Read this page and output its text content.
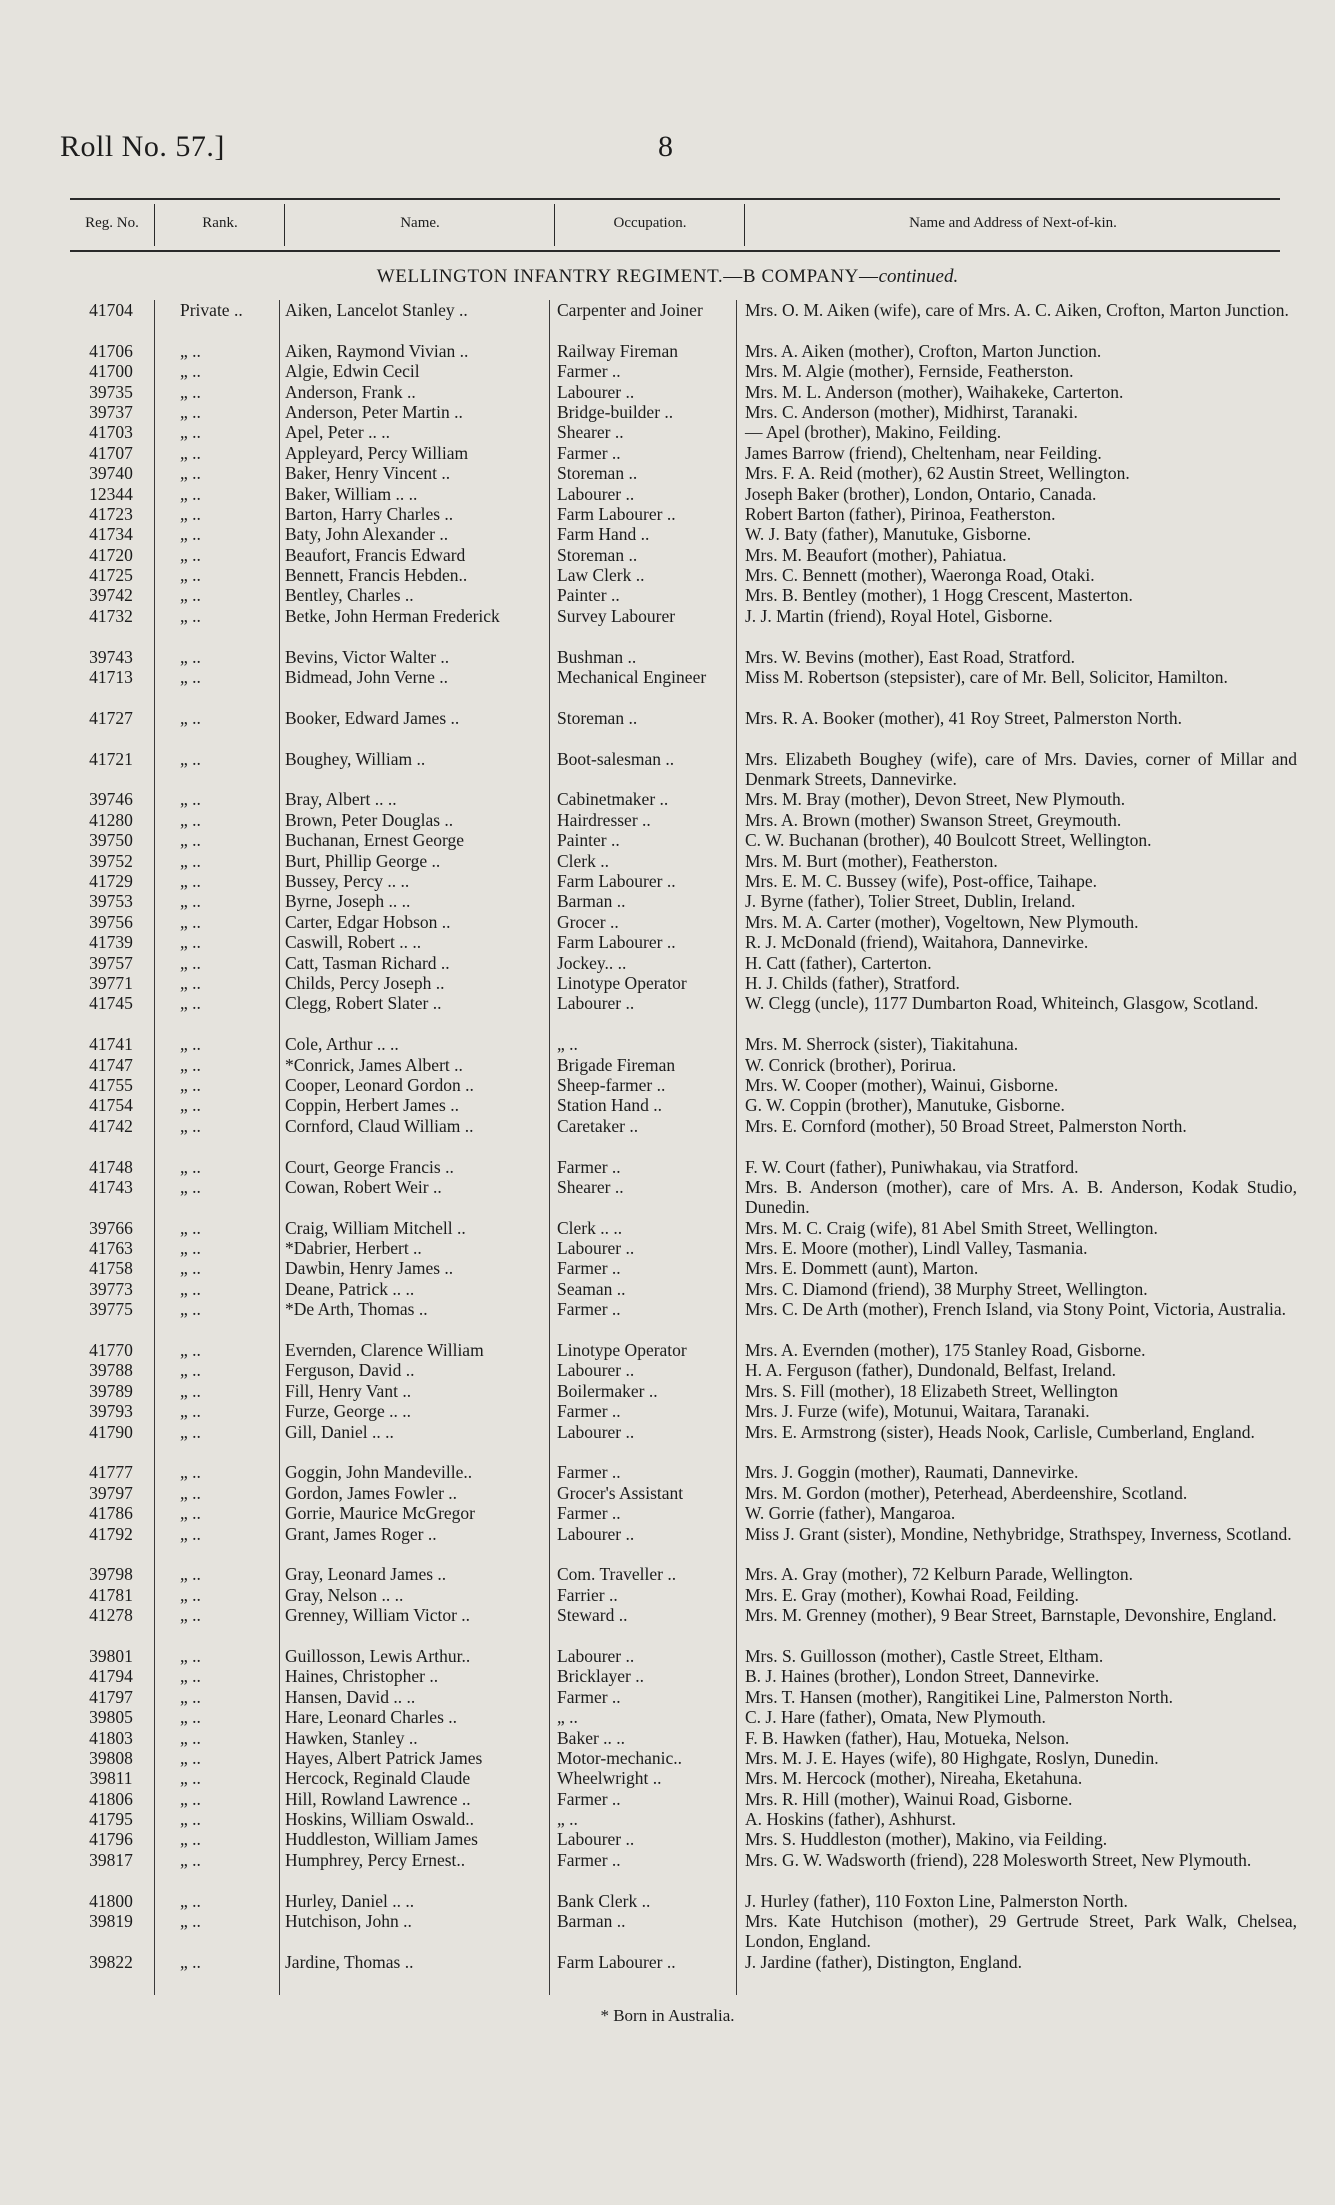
Roll No. 57.]	8
Reg. No.	Rank.	Name.	Occupation.	Name and Address of Next-of-kin.
WELLINGTON INFANTRY REGIMENT.—B COMPANY—continued.
41704	Private ..	Aiken, Lancelot Stanley ..	Carpenter and Joiner	Mrs. O. M. Aiken (wife), care of Mrs. A. C. Aiken, Crofton, Marton Junction.
41706	„ ..	Aiken, Raymond Vivian ..	Railway Fireman	Mrs. A. Aiken (mother), Crofton, Marton Junction.
41700	„ ..	Algie, Edwin Cecil	Farmer ..	Mrs. M. Algie (mother), Fernside, Featherston.
39735	„ ..	Anderson, Frank ..	Labourer ..	Mrs. M. L. Anderson (mother), Waihakeke, Carterton.
39737	„ ..	Anderson, Peter Martin ..	Bridge-builder ..	Mrs. C. Anderson (mother), Midhirst, Taranaki.
41703	„ ..	Apel, Peter .. ..	Shearer ..	— Apel (brother), Makino, Feilding.
41707	„ ..	Appleyard, Percy William	Farmer ..	James Barrow (friend), Cheltenham, near Feilding.
39740	„ ..	Baker, Henry Vincent ..	Storeman ..	Mrs. F. A. Reid (mother), 62 Austin Street, Wellington.
12344	„ ..	Baker, William .. ..	Labourer ..	Joseph Baker (brother), London, Ontario, Canada.
41723	„ ..	Barton, Harry Charles ..	Farm Labourer ..	Robert Barton (father), Pirinoa, Featherston.
41734	„ ..	Baty, John Alexander ..	Farm Hand ..	W. J. Baty (father), Manutuke, Gisborne.
41720	„ ..	Beaufort, Francis Edward	Storeman ..	Mrs. M. Beaufort (mother), Pahiatua.
41725	„ ..	Bennett, Francis Hebden..	Law Clerk ..	Mrs. C. Bennett (mother), Waeronga Road, Otaki.
39742	„ ..	Bentley, Charles ..	Painter ..	Mrs. B. Bentley (mother), 1 Hogg Crescent, Masterton.
41732	„ ..	Betke, John Herman Frederick	Survey Labourer	J. J. Martin (friend), Royal Hotel, Gisborne.
39743	„ ..	Bevins, Victor Walter ..	Bushman ..	Mrs. W. Bevins (mother), East Road, Stratford.
41713	„ ..	Bidmead, John Verne ..	Mechanical Engineer	Miss M. Robertson (stepsister), care of Mr. Bell, Solicitor, Hamilton.
41727	„ ..	Booker, Edward James ..	Storeman ..	Mrs. R. A. Booker (mother), 41 Roy Street, Palmerston North.
41721	„ ..	Boughey, William ..	Boot-salesman ..	Mrs. Elizabeth Boughey (wife), care of Mrs. Davies, corner of Millar and Denmark Streets, Dannevirke.
39746	„ ..	Bray, Albert .. ..	Cabinetmaker ..	Mrs. M. Bray (mother), Devon Street, New Plymouth.
41280	„ ..	Brown, Peter Douglas ..	Hairdresser ..	Mrs. A. Brown (mother) Swanson Street, Greymouth.
39750	„ ..	Buchanan, Ernest George	Painter ..	C. W. Buchanan (brother), 40 Boulcott Street, Wellington.
39752	„ ..	Burt, Phillip George ..	Clerk ..	Mrs. M. Burt (mother), Featherston.
41729	„ ..	Bussey, Percy .. ..	Farm Labourer ..	Mrs. E. M. C. Bussey (wife), Post-office, Taihape.
39753	„ ..	Byrne, Joseph .. ..	Barman ..	J. Byrne (father), Tolier Street, Dublin, Ireland.
39756	„ ..	Carter, Edgar Hobson ..	Grocer ..	Mrs. M. A. Carter (mother), Vogeltown, New Plymouth.
41739	„ ..	Caswill, Robert .. ..	Farm Labourer ..	R. J. McDonald (friend), Waitahora, Dannevirke.
39757	„ ..	Catt, Tasman Richard ..	Jockey.. ..	H. Catt (father), Carterton.
39771	„ ..	Childs, Percy Joseph ..	Linotype Operator	H. J. Childs (father), Stratford.
41745	„ ..	Clegg, Robert Slater ..	Labourer ..	W. Clegg (uncle), 1177 Dumbarton Road, Whiteinch, Glasgow, Scotland.
41741	„ ..	Cole, Arthur .. ..	„ ..	Mrs. M. Sherrock (sister), Tiakitahuna.
41747	„ ..	*Conrick, James Albert ..	Brigade Fireman	W. Conrick (brother), Porirua.
41755	„ ..	Cooper, Leonard Gordon ..	Sheep-farmer ..	Mrs. W. Cooper (mother), Wainui, Gisborne.
41754	„ ..	Coppin, Herbert James ..	Station Hand ..	G. W. Coppin (brother), Manutuke, Gisborne.
41742	„ ..	Cornford, Claud William ..	Caretaker ..	Mrs. E. Cornford (mother), 50 Broad Street, Palmerston North.
41748	„ ..	Court, George Francis ..	Farmer ..	F. W. Court (father), Puniwhakau, via Stratford.
41743	„ ..	Cowan, Robert Weir ..	Shearer ..	Mrs. B. Anderson (mother), care of Mrs. A. B. Anderson, Kodak Studio, Dunedin.
39766	„ ..	Craig, William Mitchell ..	Clerk .. ..	Mrs. M. C. Craig (wife), 81 Abel Smith Street, Wellington.
41763	„ ..	*Dabrier, Herbert ..	Labourer ..	Mrs. E. Moore (mother), Lindl Valley, Tasmania.
41758	„ ..	Dawbin, Henry James ..	Farmer ..	Mrs. E. Dommett (aunt), Marton.
39773	„ ..	Deane, Patrick .. ..	Seaman ..	Mrs. C. Diamond (friend), 38 Murphy Street, Wellington.
39775	„ ..	*De Arth, Thomas ..	Farmer ..	Mrs. C. De Arth (mother), French Island, via Stony Point, Victoria, Australia.
41770	„ ..	Evernden, Clarence William	Linotype Operator	Mrs. A. Evernden (mother), 175 Stanley Road, Gisborne.
39788	„ ..	Ferguson, David ..	Labourer ..	H. A. Ferguson (father), Dundonald, Belfast, Ireland.
39789	„ ..	Fill, Henry Vant ..	Boilermaker ..	Mrs. S. Fill (mother), 18 Elizabeth Street, Wellington
39793	„ ..	Furze, George .. ..	Farmer ..	Mrs. J. Furze (wife), Motunui, Waitara, Taranaki.
41790	„ ..	Gill, Daniel .. ..	Labourer ..	Mrs. E. Armstrong (sister), Heads Nook, Carlisle, Cumberland, England.
41777	„ ..	Goggin, John Mandeville..	Farmer ..	Mrs. J. Goggin (mother), Raumati, Dannevirke.
39797	„ ..	Gordon, James Fowler ..	Grocer's Assistant	Mrs. M. Gordon (mother), Peterhead, Aberdeenshire, Scotland.
41786	„ ..	Gorrie, Maurice McGregor	Farmer ..	W. Gorrie (father), Mangaroa.
41792	„ ..	Grant, James Roger ..	Labourer ..	Miss J. Grant (sister), Mondine, Nethybridge, Strathspey, Inverness, Scotland.
39798	„ ..	Gray, Leonard James ..	Com. Traveller ..	Mrs. A. Gray (mother), 72 Kelburn Parade, Wellington.
41781	„ ..	Gray, Nelson .. ..	Farrier ..	Mrs. E. Gray (mother), Kowhai Road, Feilding.
41278	„ ..	Grenney, William Victor ..	Steward ..	Mrs. M. Grenney (mother), 9 Bear Street, Barnstaple, Devonshire, England.
39801	„ ..	Guillosson, Lewis Arthur..	Labourer ..	Mrs. S. Guillosson (mother), Castle Street, Eltham.
41794	„ ..	Haines, Christopher ..	Bricklayer ..	B. J. Haines (brother), London Street, Dannevirke.
41797	„ ..	Hansen, David .. ..	Farmer ..	Mrs. T. Hansen (mother), Rangitikei Line, Palmerston North.
39805	„ ..	Hare, Leonard Charles ..	„ ..	C. J. Hare (father), Omata, New Plymouth.
41803	„ ..	Hawken, Stanley ..	Baker .. ..	F. B. Hawken (father), Hau, Motueka, Nelson.
39808	„ ..	Hayes, Albert Patrick James	Motor-mechanic..	Mrs. M. J. E. Hayes (wife), 80 Highgate, Roslyn, Dunedin.
39811	„ ..	Hercock, Reginald Claude	Wheelwright ..	Mrs. M. Hercock (mother), Nireaha, Eketahuna.
41806	„ ..	Hill, Rowland Lawrence ..	Farmer ..	Mrs. R. Hill (mother), Wainui Road, Gisborne.
41795	„ ..	Hoskins, William Oswald..	„ ..	A. Hoskins (father), Ashhurst.
41796	„ ..	Huddleston, William James	Labourer ..	Mrs. S. Huddleston (mother), Makino, via Feilding.
39817	„ ..	Humphrey, Percy Ernest..	Farmer ..	Mrs. G. W. Wadsworth (friend), 228 Molesworth Street, New Plymouth.
41800	„ ..	Hurley, Daniel .. ..	Bank Clerk ..	J. Hurley (father), 110 Foxton Line, Palmerston North.
39819	„ ..	Hutchison, John ..	Barman ..	Mrs. Kate Hutchison (mother), 29 Gertrude Street, Park Walk, Chelsea, London, England.
39822	„ ..	Jardine, Thomas ..	Farm Labourer ..	J. Jardine (father), Distington, England.
* Born in Australia.
